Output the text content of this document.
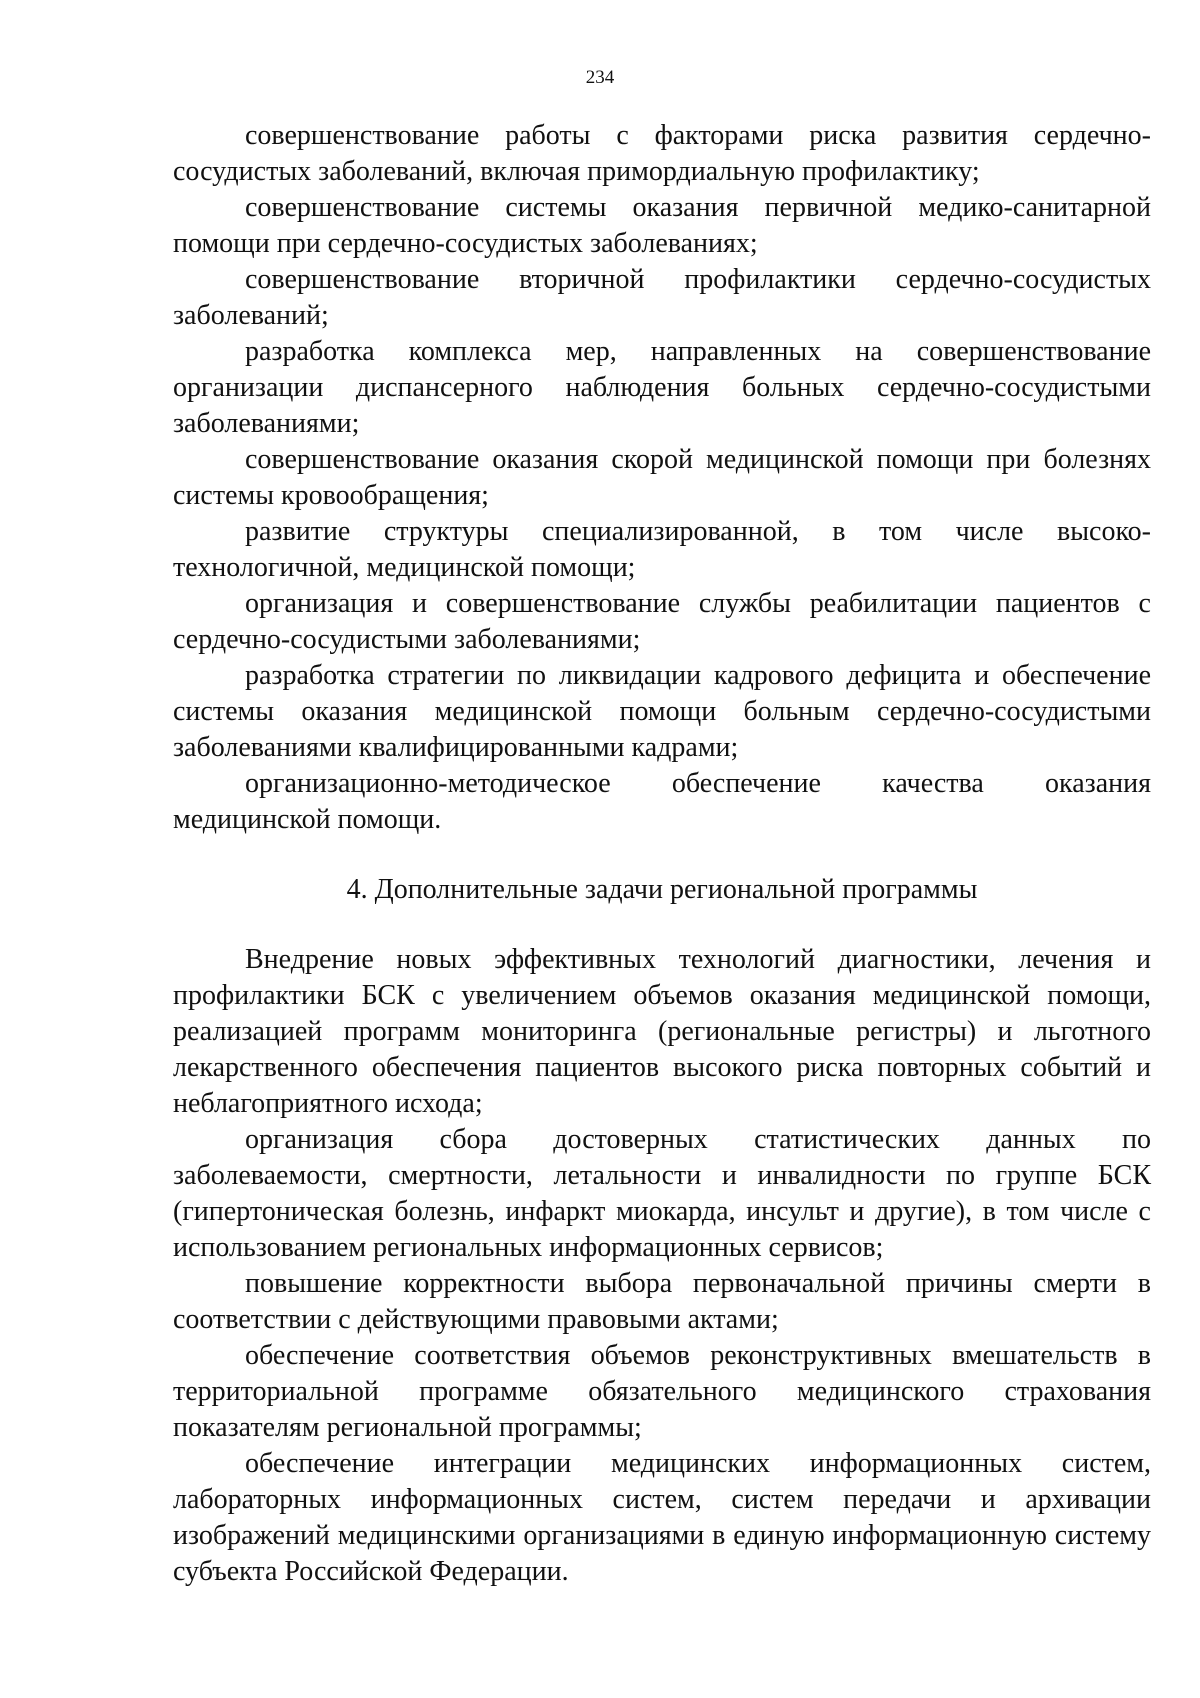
234

совершенствование работы с факторами риска развития сердечно-сосудистых заболеваний, включая примордиальную профилактику;

совершенствование системы оказания первичной медико-санитарной помощи при сердечно-сосудистых заболеваниях;

совершенствование вторичной профилактики сердечно-сосудистых заболеваний;

разработка комплекса мер, направленных на совершенствование организации диспансерного наблюдения больных сердечно-сосудистыми заболеваниями;

совершенствование оказания скорой медицинской помощи при болезнях системы кровообращения;

развитие структуры специализированной, в том числе высоко-технологичной, медицинской помощи;

организация и совершенствование службы реабилитации пациентов с сердечно-сосудистыми заболеваниями;

разработка стратегии по ликвидации кадрового дефицита и обеспечение системы оказания медицинской помощи больным сердечно-сосудистыми заболеваниями квалифицированными кадрами;

организационно-методическое обеспечение качества оказания медицинской помощи.

4. Дополнительные задачи региональной программы

Внедрение новых эффективных технологий диагностики, лечения и профилактики БСК с увеличением объемов оказания медицинской помощи, реализацией программ мониторинга (региональные регистры) и льготного лекарственного обеспечения пациентов высокого риска повторных событий и неблагоприятного исхода;

организация сбора достоверных статистических данных по заболеваемости, смертности, летальности и инвалидности по группе БСК (гипертоническая болезнь, инфаркт миокарда, инсульт и другие), в том числе с использованием региональных информационных сервисов;

повышение корректности выбора первоначальной причины смерти в соответствии с действующими правовыми актами;

обеспечение соответствия объемов реконструктивных вмешательств в территориальной программе обязательного медицинского страхования показателям региональной программы;

обеспечение интеграции медицинских информационных систем, лабораторных информационных систем, систем передачи и архивации изображений медицинскими организациями в единую информационную систему субъекта Российской Федерации.
